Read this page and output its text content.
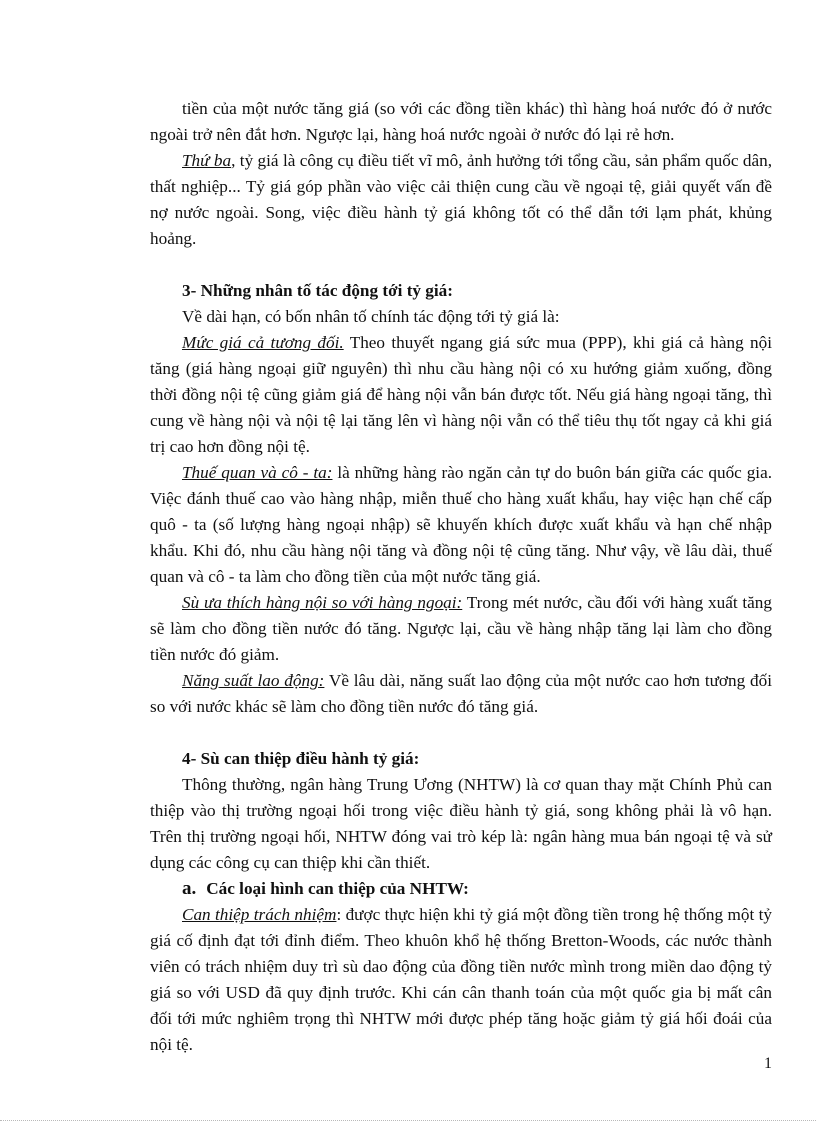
tiền của một nước tăng giá (so với các đồng tiền khác) thì hàng hoá nước đó ở nước ngoài trở nên đắt hơn. Ngược lại, hàng hoá nước ngoài ở nước đó lại rẻ hơn.

Thứ ba, tỷ giá là công cụ điều tiết vĩ mô, ảnh hưởng tới tổng cầu, sản phẩm quốc dân, thất nghiệp... Tỷ giá góp phần vào việc cải thiện cung cầu về ngoại tệ, giải quyết vấn đề nợ nước ngoài. Song, việc điều hành tỷ giá không tốt có thể dẫn tới lạm phát, khủng hoảng.

3- Những nhân tố tác động tới tỷ giá:

Về dài hạn, có bốn nhân tố chính tác động tới tỷ giá là:

Mức giá cả tương đối. Theo thuyết ngang giá sức mua (PPP), khi giá cả hàng nội tăng (giá hàng ngoại giữ nguyên) thì nhu cầu hàng nội có xu hướng giảm xuống, đồng thời đồng nội tệ cũng giảm giá để hàng nội vẫn bán được tốt. Nếu giá hàng ngoại tăng, thì cung về hàng nội và nội tệ lại tăng lên vì hàng nội vẫn có thể tiêu thụ tốt ngay cả khi giá trị cao hơn đồng nội tệ.

Thuế quan và cô - ta: là những hàng rào ngăn cản tự do buôn bán giữa các quốc gia. Việc đánh thuế cao vào hàng nhập, miễn thuế cho hàng xuất khẩu, hay việc hạn chế cấp quô - ta (số lượng hàng ngoại nhập) sẽ khuyến khích được xuất khẩu và hạn chế nhập khẩu. Khi đó, nhu cầu hàng nội tăng và đồng nội tệ cũng tăng. Như vậy, về lâu dài, thuế quan và cô - ta làm cho đồng tiền của một nước tăng giá.

Sù ưa thích hàng nội so với hàng ngoại: Trong mét nước, cầu đối với hàng xuất tăng sẽ làm cho đồng tiền nước đó tăng. Ngược lại, cầu về hàng nhập tăng lại làm cho đồng tiền nước đó giảm.

Năng suất lao động: Về lâu dài, năng suất lao động của một nước cao hơn tương đối so với nước khác sẽ làm cho đồng tiền nước đó tăng giá.

4- Sù can thiệp điều hành tỷ giá:

Thông thường, ngân hàng Trung Ương (NHTW) là cơ quan thay mặt Chính Phủ can thiệp vào thị trường ngoại hối trong việc điều hành tỷ giá, song không phải là vô hạn. Trên thị trường ngoại hối, NHTW đóng vai trò kép là: ngân hàng mua bán ngoại tệ và sử dụng các công cụ can thiệp khi cần thiết.

a. Các loại hình can thiệp của NHTW:

Can thiệp trách nhiệm: được thực hiện khi tỷ giá một đồng tiền trong hệ thống một tỷ giá cố định đạt tới đỉnh điểm. Theo khuôn khổ hệ thống Bretton-Woods, các nước thành viên có trách nhiệm duy trì sù dao động của đồng tiền nước mình trong miền dao động tỷ giá so với USD đã quy định trước. Khi cán cân thanh toán của một quốc gia bị mất cân đối tới mức nghiêm trọng thì NHTW mới được phép tăng hoặc giảm tỷ giá hối đoái của nội tệ.

1
